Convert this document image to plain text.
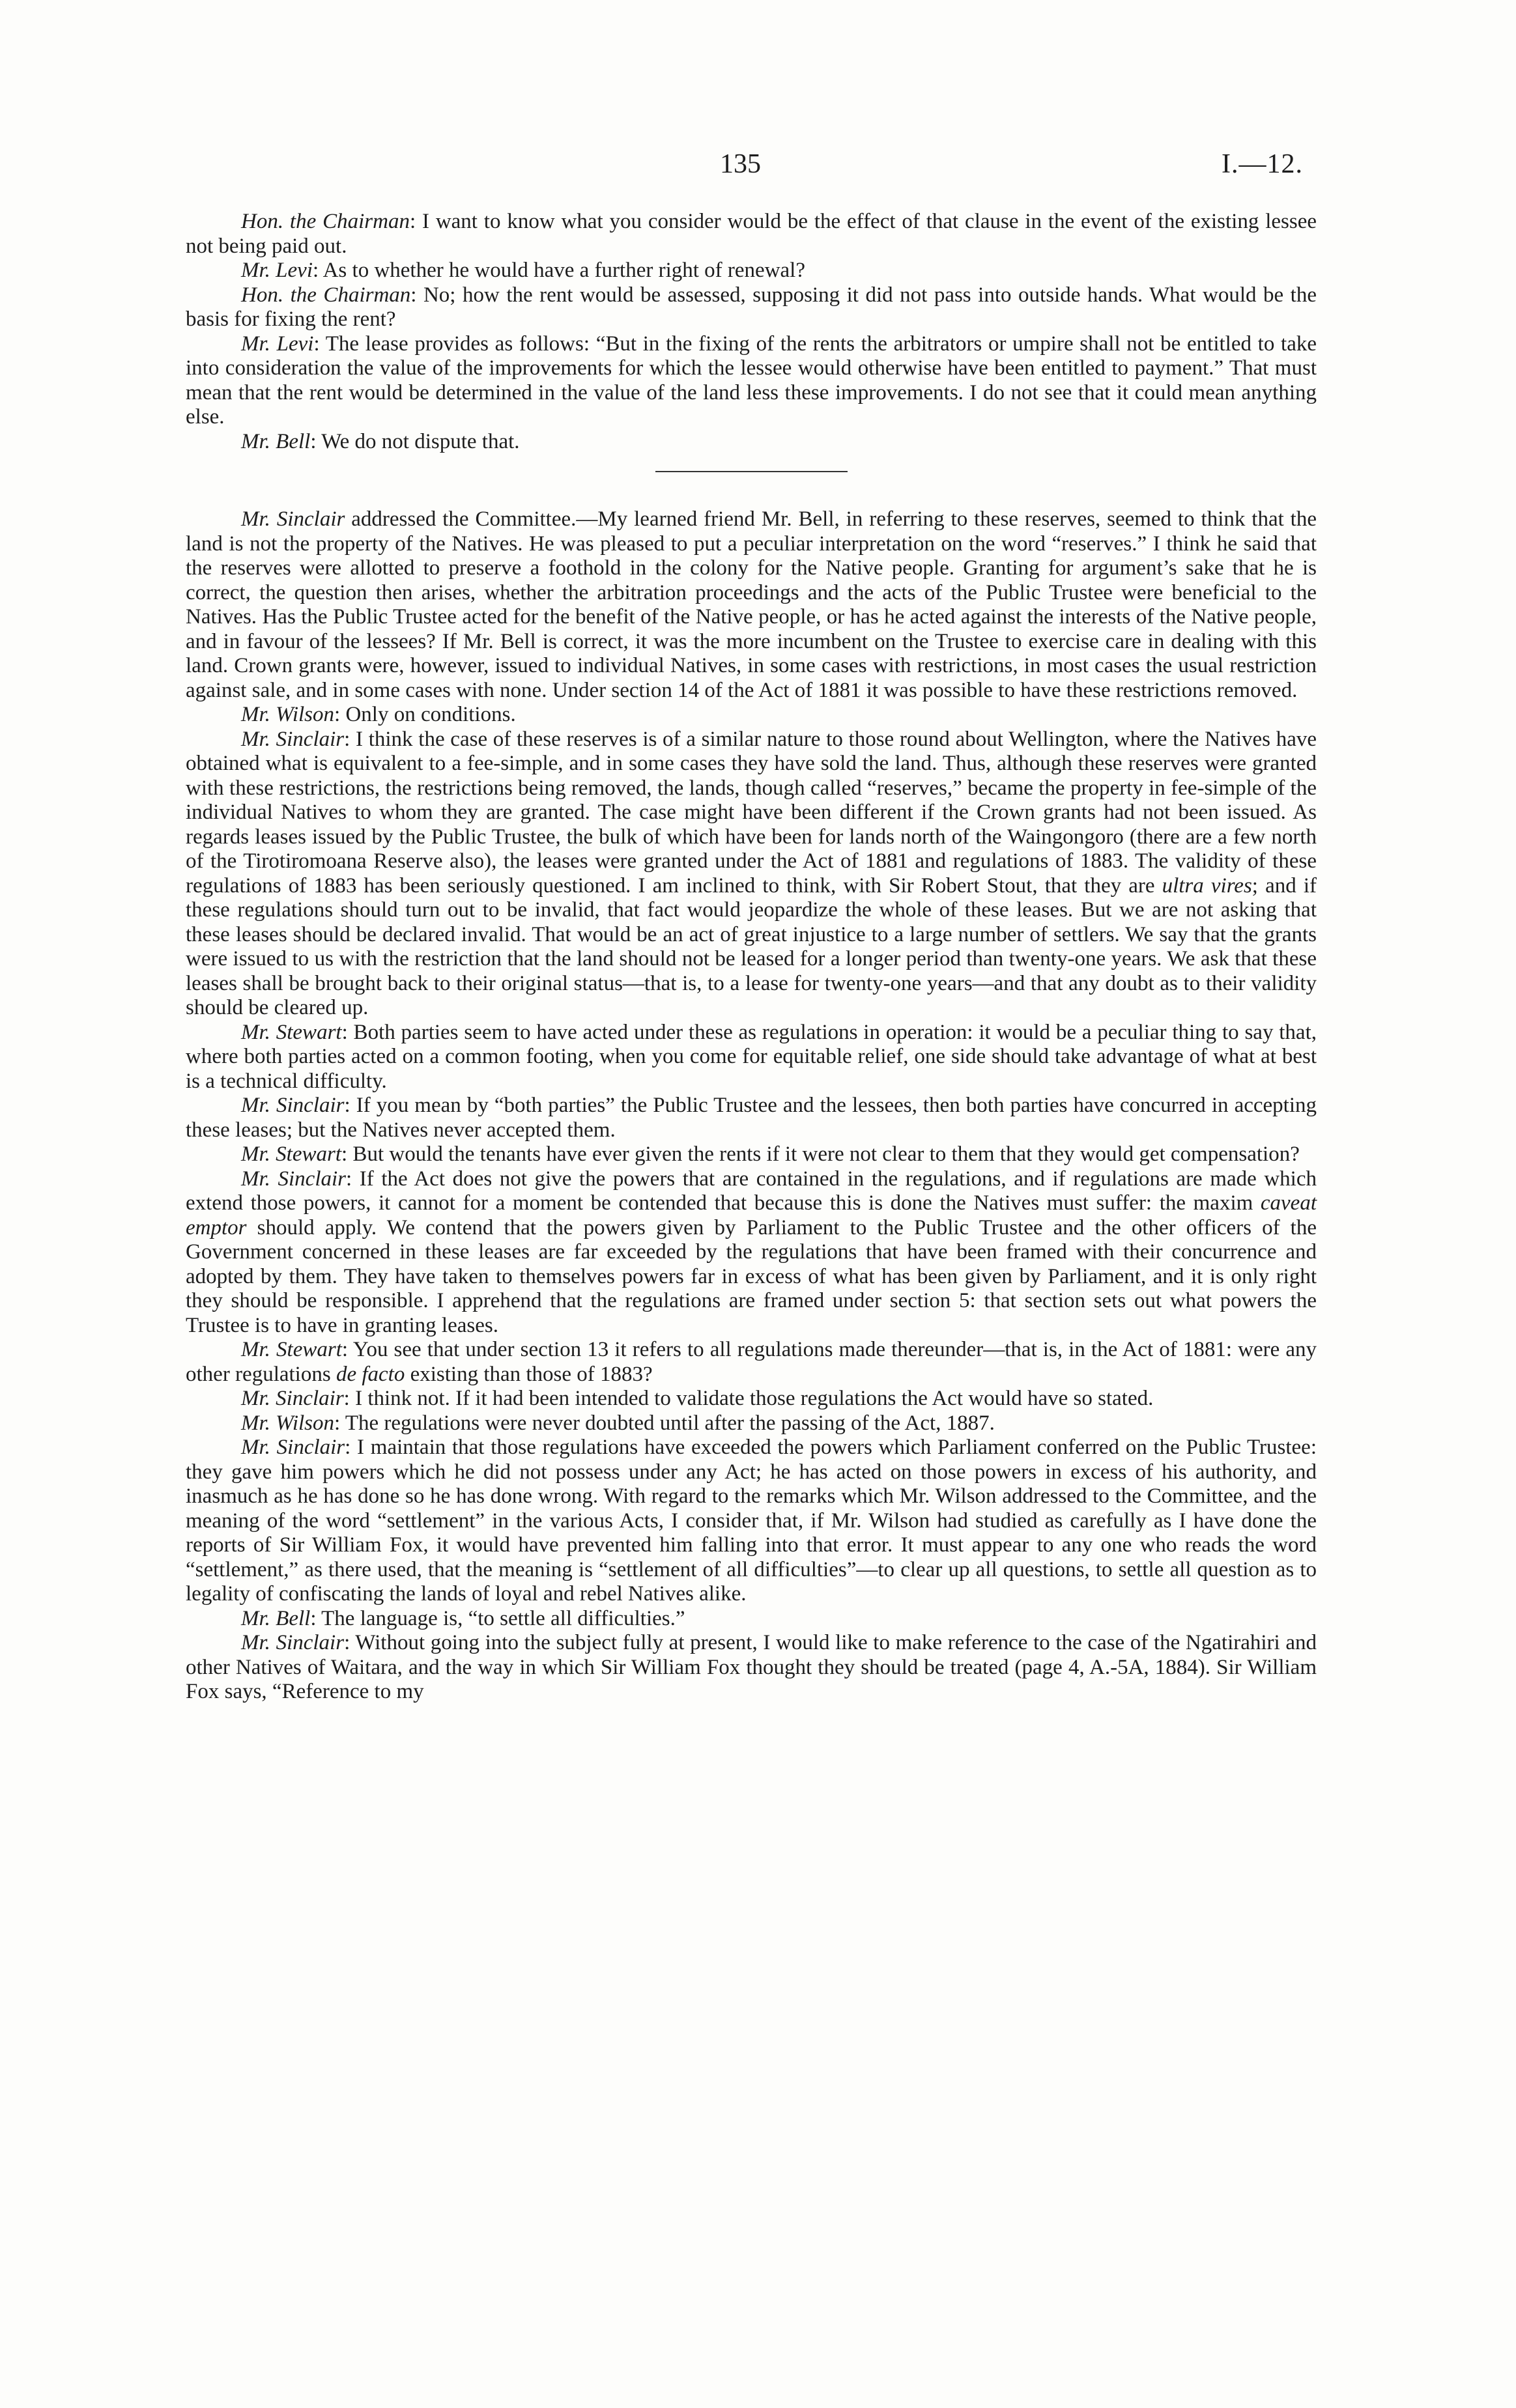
135	I.—12.

Hon. the Chairman: I want to know what you consider would be the effect of that clause in the event of the existing lessee not being paid out.

Mr. Levi: As to whether he would have a further right of renewal?

Hon. the Chairman: No; how the rent would be assessed, supposing it did not pass into outside hands. What would be the basis for fixing the rent?

Mr. Levi: The lease provides as follows: “But in the fixing of the rents the arbitrators or umpire shall not be entitled to take into consideration the value of the improvements for which the lessee would otherwise have been entitled to payment.” That must mean that the rent would be determined in the value of the land less these improvements. I do not see that it could mean anything else.

Mr. Bell: We do not dispute that.

Mr. Sinclair addressed the Committee.—My learned friend Mr. Bell, in referring to these reserves, seemed to think that the land is not the property of the Natives. He was pleased to put a peculiar interpretation on the word “reserves.” I think he said that the reserves were allotted to preserve a foothold in the colony for the Native people. Granting for argument’s sake that he is correct, the question then arises, whether the arbitration proceedings and the acts of the Public Trustee were beneficial to the Natives. Has the Public Trustee acted for the benefit of the Native people, or has he acted against the interests of the Native people, and in favour of the lessees? If Mr. Bell is correct, it was the more incumbent on the Trustee to exercise care in dealing with this land. Crown grants were, however, issued to individual Natives, in some cases with restrictions, in most cases the usual restriction against sale, and in some cases with none. Under section 14 of the Act of 1881 it was possible to have these restrictions removed.

Mr. Wilson: Only on conditions.

Mr. Sinclair: I think the case of these reserves is of a similar nature to those round about Wellington, where the Natives have obtained what is equivalent to a fee-simple, and in some cases they have sold the land. Thus, although these reserves were granted with these restrictions, the restrictions being removed, the lands, though called “reserves,” became the property in fee-simple of the individual Natives to whom they are granted. The case might have been different if the Crown grants had not been issued. As regards leases issued by the Public Trustee, the bulk of which have been for lands north of the Waingongoro (there are a few north of the Tirotiromoana Reserve also), the leases were granted under the Act of 1881 and regulations of 1883. The validity of these regulations of 1883 has been seriously questioned. I am inclined to think, with Sir Robert Stout, that they are ultra vires; and if these regulations should turn out to be invalid, that fact would jeopardize the whole of these leases. But we are not asking that these leases should be declared invalid. That would be an act of great injustice to a large number of settlers. We say that the grants were issued to us with the restriction that the land should not be leased for a longer period than twenty-one years. We ask that these leases shall be brought back to their original status—that is, to a lease for twenty-one years—and that any doubt as to their validity should be cleared up.

Mr. Stewart: Both parties seem to have acted under these as regulations in operation: it would be a peculiar thing to say that, where both parties acted on a common footing, when you come for equitable relief, one side should take advantage of what at best is a technical difficulty.

Mr. Sinclair: If you mean by “both parties” the Public Trustee and the lessees, then both parties have concurred in accepting these leases; but the Natives never accepted them.

Mr. Stewart: But would the tenants have ever given the rents if it were not clear to them that they would get compensation?

Mr. Sinclair: If the Act does not give the powers that are contained in the regulations, and if regulations are made which extend those powers, it cannot for a moment be contended that because this is done the Natives must suffer: the maxim caveat emptor should apply. We contend that the powers given by Parliament to the Public Trustee and the other officers of the Government concerned in these leases are far exceeded by the regulations that have been framed with their concurrence and adopted by them. They have taken to themselves powers far in excess of what has been given by Parliament, and it is only right they should be responsible. I apprehend that the regulations are framed under section 5: that section sets out what powers the Trustee is to have in granting leases.

Mr. Stewart: You see that under section 13 it refers to all regulations made thereunder—that is, in the Act of 1881: were any other regulations de facto existing than those of 1883?

Mr. Sinclair: I think not. If it had been intended to validate those regulations the Act would have so stated.

Mr. Wilson: The regulations were never doubted until after the passing of the Act, 1887.

Mr. Sinclair: I maintain that those regulations have exceeded the powers which Parliament conferred on the Public Trustee: they gave him powers which he did not possess under any Act; he has acted on those powers in excess of his authority, and inasmuch as he has done so he has done wrong. With regard to the remarks which Mr. Wilson addressed to the Committee, and the meaning of the word “settlement” in the various Acts, I consider that, if Mr. Wilson had studied as carefully as I have done the reports of Sir William Fox, it would have prevented him falling into that error. It must appear to any one who reads the word “settlement,” as there used, that the meaning is “settlement of all difficulties”—to clear up all questions, to settle all question as to legality of confiscating the lands of loyal and rebel Natives alike.

Mr. Bell: The language is, “to settle all difficulties.”

Mr. Sinclair: Without going into the subject fully at present, I would like to make reference to the case of the Ngatirahiri and other Natives of Waitara, and the way in which Sir William Fox thought they should be treated (page 4, A.-5A, 1884). Sir William Fox says, “Reference to my
